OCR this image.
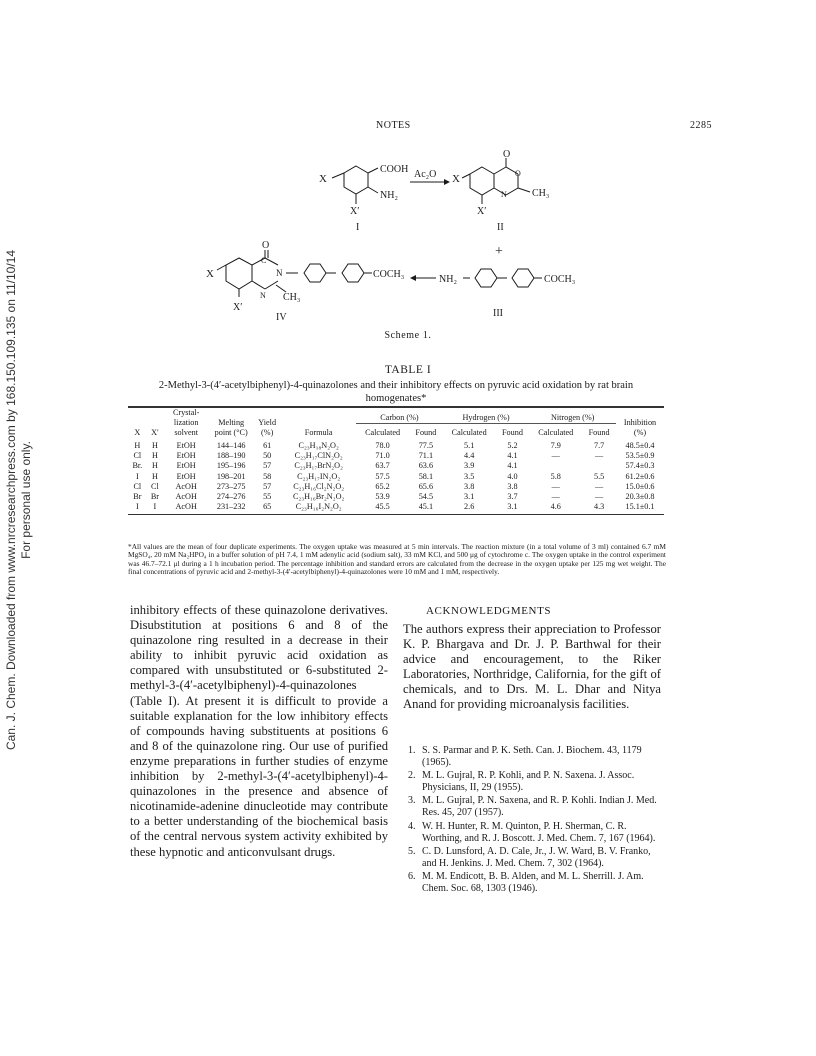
Can. J. Chem. Downloaded from www.nrcresearchpress.com by 168.150.109.135 on 11/10/14 For personal use only.
NOTES	2285
X
COOH
NH₂
X′
I
Ac₂O
O
O
N	CH₃
X
X′
II
+
O
C
N
N CH₃
COCH₃
X
X′
IV
NH₂	COCH₃
III
Scheme 1.
TABLE I
2-Methyl-3-(4′-acetylbiphenyl)-4-quinazolones and their inhibitory effects on pyruvic acid oxidation by rat brain homogenates*
X	X′	Crystal-lization solvent	Melting point (°C)	Yield (%)	Formula	Carbon (%)		Hydrogen (%)		Nitrogen (%)		Inhibition (%)
						Calculated	Found	Calculated	Found	Calculated	Found	
H	H	EtOH	144–146	61	C₂₃H₁₈N₂O₂	78.0	77.5	5.1	5.2	7.9	7.7	48.5±0.4
Cl	H	EtOH	188–190	50	C₂₃H₁₇ClN₂O₂	71.0	71.1	4.4	4.1	—	—	53.5±0.9
Br.	H	EtOH	195–196	57	C₂₃H₁₇BrN₂O₂	63.7	63.6	3.9	4.1			57.4±0.3
I	H	EtOH	198–201	58	C₂₃H₁₇IN₂O₂	57.5	58.1	3.5	4.0	5.8	5.5	61.2±0.6
Cl	Cl	AcOH	273–275	57	C₂₃H₁₆Cl₂N₂O₂	65.2	65.6	3.8	3.8	—	—	15.0±0.6
Br	Br	AcOH	274–276	55	C₂₃H₁₆Br₂N₂O₂	53.9	54.5	3.1	3.7	—	—	20.3±0.8
I	I	AcOH	231–232	65	C₂₃H₁₆I₂N₂O₂	45.5	45.1	2.6	3.1	4.6	4.3	15.1±0.1
*All values are the mean of four duplicate experiments. The oxygen uptake was measured at 5 min intervals. The reaction mixture (in a total volume of 3 ml) contained 6.7 mM MgSO₄, 20 mM Na₂HPO₄ in a buffer solution of pH 7.4, 1 mM adenylic acid (sodium salt), 33 mM KCl, and 500 μg of cytochrome c. The oxygen uptake in the control experiment was 46.7–72.1 μl during a 1 h incubation period. The percentage inhibition and standard errors are calculated from the decrease in the oxygen uptake per 125 mg wet weight. The final concentrations of pyruvic acid and 2-methyl-3-(4′-acetylbiphenyl)-4-quinazolones were 10 mM and 1 mM, respectively.
inhibitory effects of these quinazolone derivatives. Disubstitution at positions 6 and 8 of the quinazolone ring resulted in a decrease in their ability to inhibit pyruvic acid oxidation as compared with unsubstituted or 6-substituted 2-methyl-3-(4′-acetylbiphenyl)-4-quinazolones (Table I). At present it is difficult to provide a suitable explanation for the low inhibitory effects of compounds having substituents at positions 6 and 8 of the quinazolone ring. Our use of purified enzyme preparations in further studies of enzyme inhibition by 2-methyl-3-(4′-acetylbiphenyl)-4-quinazolones in the presence and absence of nicotinamide-adenine dinucleotide may contribute to a better understanding of the biochemical basis of the central nervous system activity exhibited by these hypnotic and anticonvulsant drugs.
ACKNOWLEDGMENTS
The authors express their appreciation to Professor K. P. Bhargava and Dr. J. P. Barthwal for their advice and encouragement, to the Riker Laboratories, Northridge, California, for the gift of chemicals, and to Drs. M. L. Dhar and Nitya Anand for providing microanalysis facilities.
1. S. S. Parmar and P. K. Seth. Can. J. Biochem. 43, 1179 (1965).
2. M. L. Gujral, R. P. Kohli, and P. N. Saxena. J. Assoc. Physicians, II, 29 (1955).
3. M. L. Gujral, P. N. Saxena, and R. P. Kohli. Indian J. Med. Res. 45, 207 (1957).
4. W. H. Hunter, R. M. Quinton, P. H. Sherman, C. R. Worthing, and R. J. Boscott. J. Med. Chem. 7, 167 (1964).
5. C. D. Lunsford, A. D. Cale, Jr., J. W. Ward, B. V. Franko, and H. Jenkins. J. Med. Chem. 7, 302 (1964).
6. M. M. Endicott, B. B. Alden, and M. L. Sherrill. J. Am. Chem. Soc. 68, 1303 (1946).
